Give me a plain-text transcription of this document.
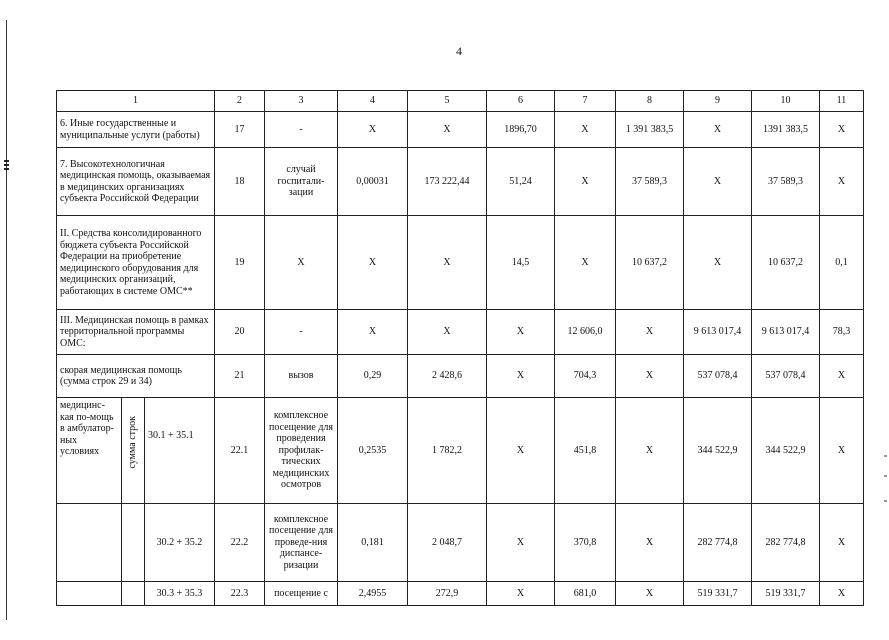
4
1			2	3	4	5	6	7	8	9	10	11
6. Иные государственные и муниципальные услуги (работы)			17	-	Х	Х	1896,70	Х	1 391 383,5	Х	1391 383,5	Х
7. Высокотехнологичная медицинская помощь, оказываемая в медицинских организациях субъекта Российской Федерации			18	случай госпитали-зации	0,00031	173 222,44	51,24	Х	37 589,3	Х	37 589,3	Х
II. Средства консолидированного бюджета субъекта Российской Федерации на приобретение медицинского оборудования для медицинских организаций, работающих в системе ОМС**			19	Х	Х	Х	14,5	Х	10 637,2	Х	10 637,2	0,1
III. Медицинская помощь в рамках территориальной программы ОМС:			20	-	Х	Х	Х	12 606,0	Х	9 613 017,4	9 613 017,4	78,3
скорая медицинская помощь (сумма строк 29 и 34)			21	вызов	0,29	2 428,6	Х	704,3	Х	537 078,4	537 078,4	Х
медицинс-кая по-мощь в амбулатор-ных условиях	сумма строк	30.1 + 35.1	22.1	комплексное посещение для проведения профилак-тических медицинских осмотров	0,2535	1 782,2	Х	451,8	Х	344 522,9	344 522,9	Х
		30.2 + 35.2	22.2	комплексное посещение для проведе-ния диспансе-ризации	0,181	2 048,7	Х	370,8	Х	282 774,8	282 774,8	Х
		30.3 + 35.3	22.3	посещение с	2,4955	272,9	Х	681,0	Х	519 331,7	519 331,7	Х
